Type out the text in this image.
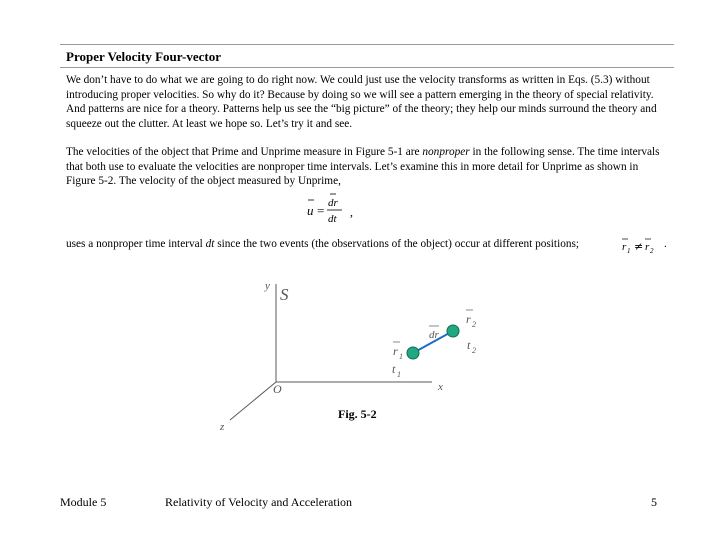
Proper Velocity Four-vector

We don’t have to do what we are going to do right now. We could just use the velocity transforms as written in Eqs. (5.3) without introducing proper velocities. So why do it? Because by doing so we will see a pattern emerging in the theory of special relativity. And patterns are nice for a theory. Patterns help us see the “big picture” of the theory; they help our minds surround the theory and squeeze out the clutter. At least we hope so. Let’s try it and see.

The velocities of the object that Prime and Unprime measure in Figure 5-1 are nonproper in the following sense. The time intervals that both use to evaluate the velocities are nonproper time intervals. Let’s examine this in more detail for Unprime as shown in Figure 5-2. The velocity of the object measured by Unprime,

u = dr
dt ,
uses a nonproper time interval dt since the two events (the observations of the object) occur at different positions;	r 1 ≠ r 2
.
y S
O	x
z
dr
r 2
t 2
r 1
t 1
Fig. 5-2
Module 5	Relativity of Velocity and Acceleration	5
